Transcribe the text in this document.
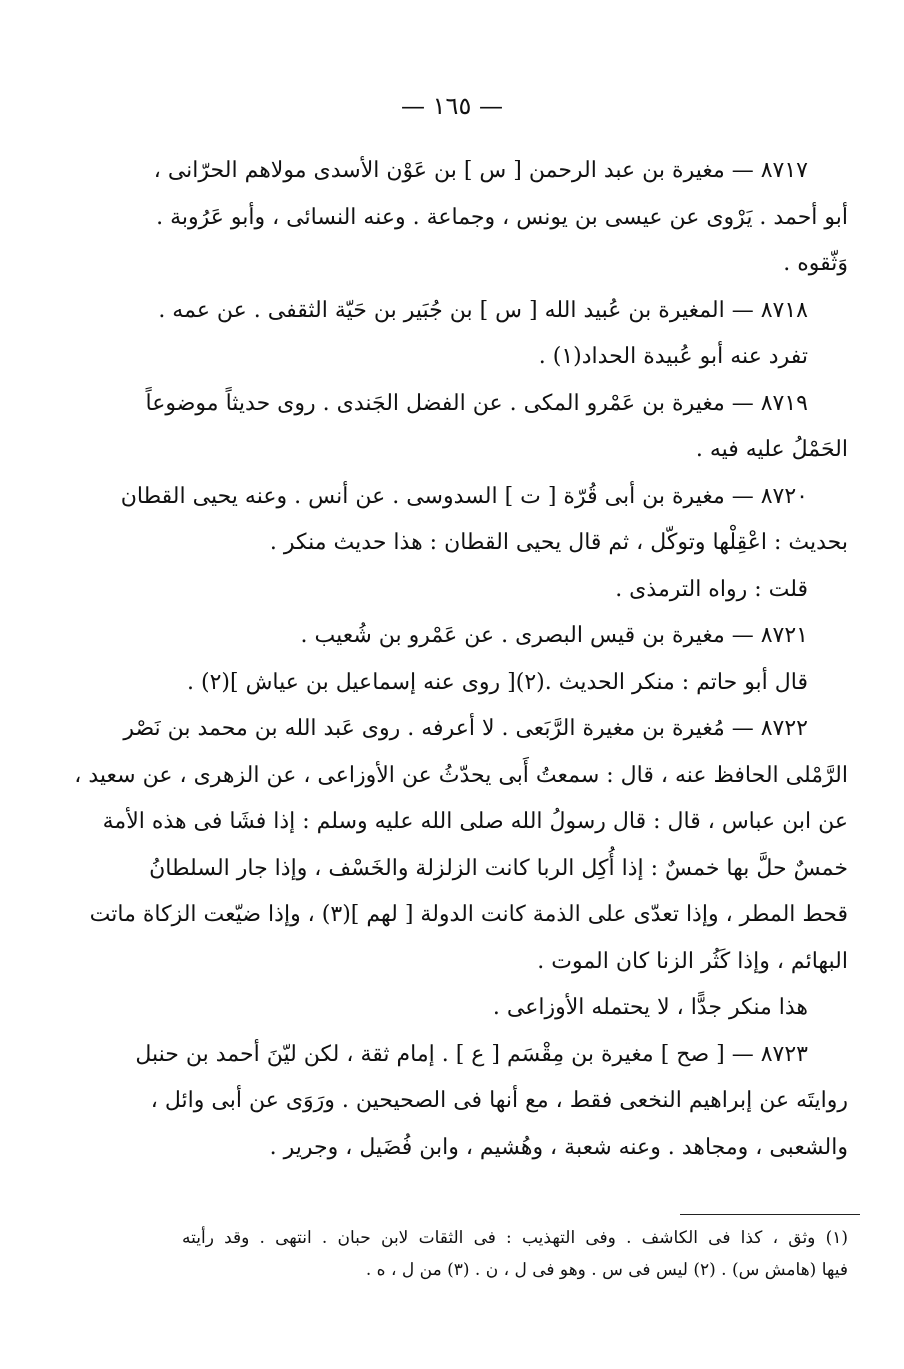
— ١٦٥ —
٨٧١٧ — مغيرة بن عبد الرحمن [ س ] بن عَوْن الأسدى مولاهم الحرّانى ،
أبو أحمد . يَرْوى عن عيسى بن يونس ، وجماعة . وعنه النسائى ، وأبو عَرُوبة .
وَثّقوه .
٨٧١٨ — المغيرة بن عُبيد الله [ س ] بن جُبَير بن حَيّة الثقفى . عن عمه .
تفرد عنه أبو عُبيدة الحداد(١) .
٨٧١٩ — مغيرة بن عَمْرو المكى . عن الفضل الجَندى . روى حديثاً موضوعاً
الحَمْلُ عليه فيه .
٨٧٢٠ — مغيرة بن أبى قُرّة [ ت ] السدوسى . عن أنس . وعنه يحيى القطان
بحديث : اعْقِلْها وتوكّل ، ثم قال يحيى القطان : هذا حديث منكر .
قلت : رواه الترمذى .
٨٧٢١ — مغيرة بن قيس البصرى . عن عَمْرو بن شُعيب .
قال أبو حاتم : منكر الحديث .(٢)[ روى عنه إسماعيل بن عياش ](٢) .
٨٧٢٢ — مُغيرة بن مغيرة الرَّبَعى . لا أعرفه . روى عَبد الله بن محمد بن نَصْر
الرَّمْلى الحافظ عنه ، قال : سمعتُ أَبى يحدّثُ عن الأوزاعى ، عن الزهرى ، عن سعيد ،
عن ابن عباس ، قال : قال رسولُ الله صلى الله عليه وسلم : إذا فشَا فى هذه الأمة
خمسٌ حلَّ بها خمسٌ : إذا أُكِل الربا كانت الزلزلة والخَسْف ، وإذا جار السلطانُ
قحط المطر ، وإذا تعدّى على الذمة كانت الدولة [ لهم ](٣) ، وإذا ضيّعت الزكاة ماتت
البهائم ، وإذا كَثُر الزنا كان الموت .
هذا منكر جدًّا ، لا يحتمله الأوزاعى .
٨٧٢٣ — [ صح ] مغيرة بن مِقْسَم [ ع ] . إمام ثقة ، لكن ليّنَ أحمد بن حنبل
روايتَه عن إبراهيم النخعى فقط ، مع أنها فى الصحيحين . ورَوَى عن أبى وائل ،
والشعبى ، ومجاهد . وعنه شعبة ، وهُشيم ، وابن فُضَيل ، وجرير .
(١) وثق ، كذا فى الكاشف . وفى التهذيب : فى الثقات لابن حبان . انتهى . وقد رأيته
فيها (هامش س) . (٢) ليس فى س . وهو فى ل ، ن . (٣) من ل ، ه .
